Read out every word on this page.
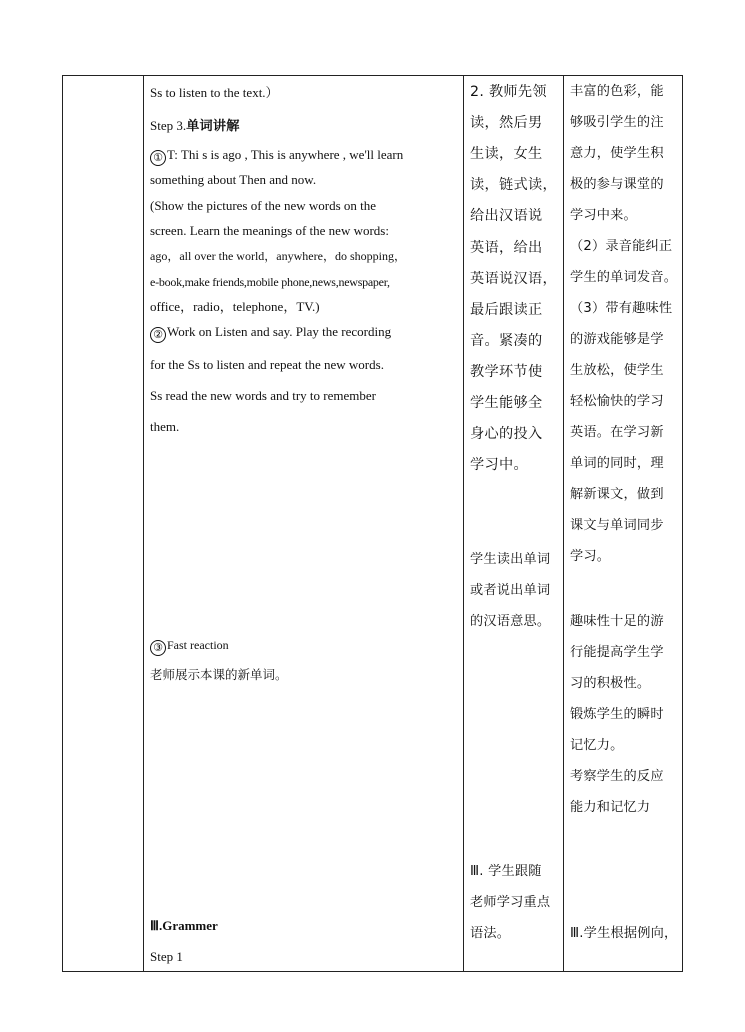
Ss to listen to the text.）
Step 3.单词讲解
① T: Thi s is ago , This is anywhere , we'll learn
something about Then and now.
(Show the pictures of the new words on the
screen. Learn the meanings of the new words:
ago，all over the world，anywhere，do shopping，
e-book,make friends,mobile phone,news,newspaper,
office，radio，telephone，TV.)
② Work on Listen and say. Play the recording
for the Ss to listen and repeat the new words.
Ss read the new words and try to remember
them.
③ Fast reaction
老师展示本课的新单词。
Ⅲ.Grammer
Step 1
2. 教师先领
读，然后男
生读，女生
读，链式读，
给出汉语说
英语，给出
英语说汉语，
最后跟读正
音。紧凑的
教学环节使
学生能够全
身心的投入
学习中。
学生读出单词
或者说出单词
的汉语意思。
Ⅲ. 学生跟随
老师学习重点
语法。
丰富的色彩，能
够吸引学生的注
意力，使学生积
极的参与课堂的
学习中来。
（2）录音能纠正
学生的单词发音。
（3）带有趣味性
的游戏能够是学
生放松，使学生
轻松愉快的学习
英语。在学习新
单词的同时，理
解新课文，做到
课文与单词同步
学习。
趣味性十足的游
行能提高学生学
习的积极性。
锻炼学生的瞬时
记忆力。
考察学生的反应
能力和记忆力
Ⅲ.学生根据例向，
